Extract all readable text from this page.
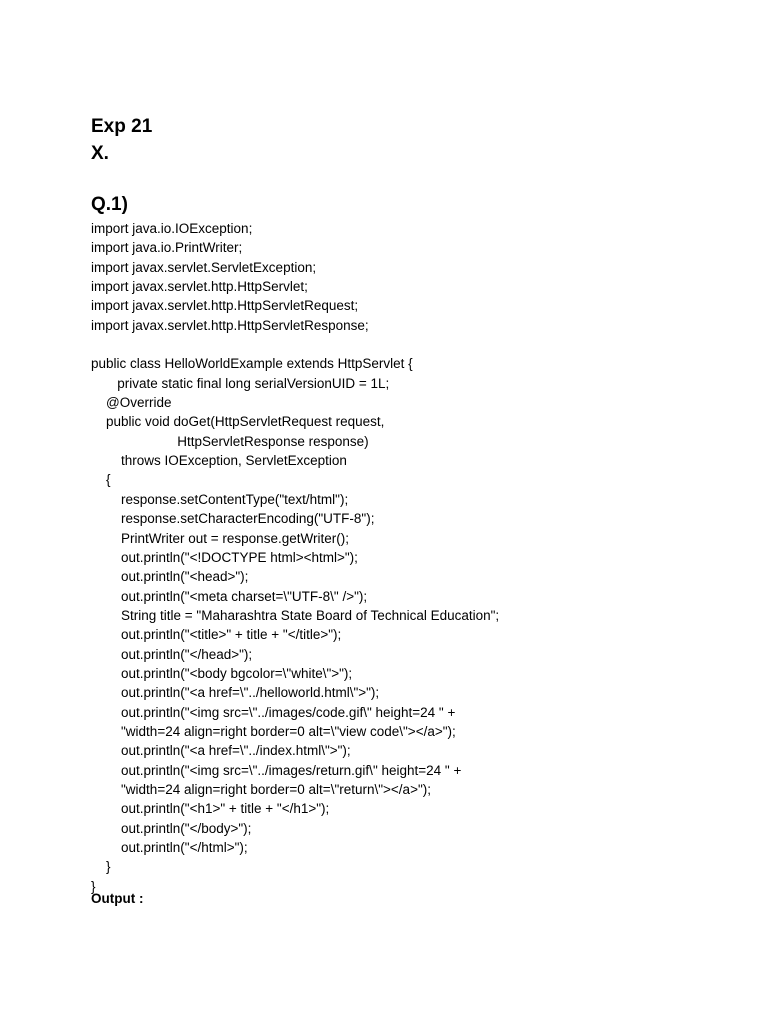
Exp 21
X.
Q.1)
import java.io.IOException;
import java.io.PrintWriter;
import javax.servlet.ServletException;
import javax.servlet.http.HttpServlet;
import javax.servlet.http.HttpServletRequest;
import javax.servlet.http.HttpServletResponse;
public class HelloWorldExample extends HttpServlet {
private static final long serialVersionUID = 1L;
@Override
public void doGet(HttpServletRequest request,
HttpServletResponse response)
throws IOException, ServletException
{
response.setContentType("text/html");
response.setCharacterEncoding("UTF-8");
PrintWriter out = response.getWriter();
out.println("<!DOCTYPE html><html>");
out.println("<head>");
out.println("<meta charset=\"UTF-8\" />");
String title = "Maharashtra State Board of Technical Education";
out.println("<title>" + title + "</title>");
out.println("</head>");
out.println("<body bgcolor=\"white\">");
out.println("<a href=\"../helloworld.html\">");
out.println("<img src=\"../images/code.gif\" height=24 " +
"width=24 align=right border=0 alt=\"view code\"></a>");
out.println("<a href=\"../index.html\">");
out.println("<img src=\"../images/return.gif\" height=24 " +
"width=24 align=right border=0 alt=\"return\"></a>");
out.println("<h1>" + title + "</h1>");
out.println("</body>");
out.println("</html>");
}
}
Output :
